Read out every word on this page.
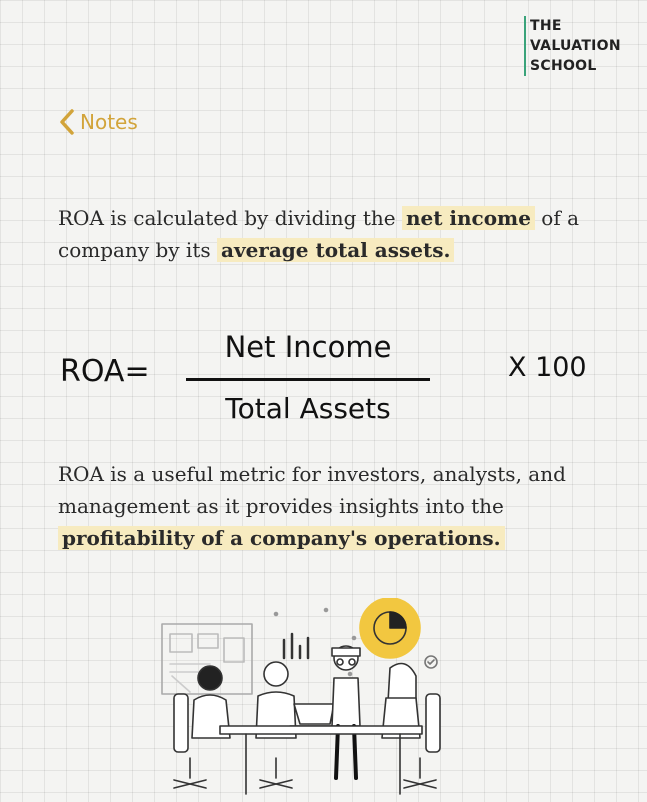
THE
VALUATION
SCHOOL
Notes
ROA is calculated by dividing the net income of a company by its average total assets.
ROA=
Net Income
Total Assets
X 100
ROA is a useful metric for investors, analysts, and management as it provides insights into the profitability of a company's operations.
